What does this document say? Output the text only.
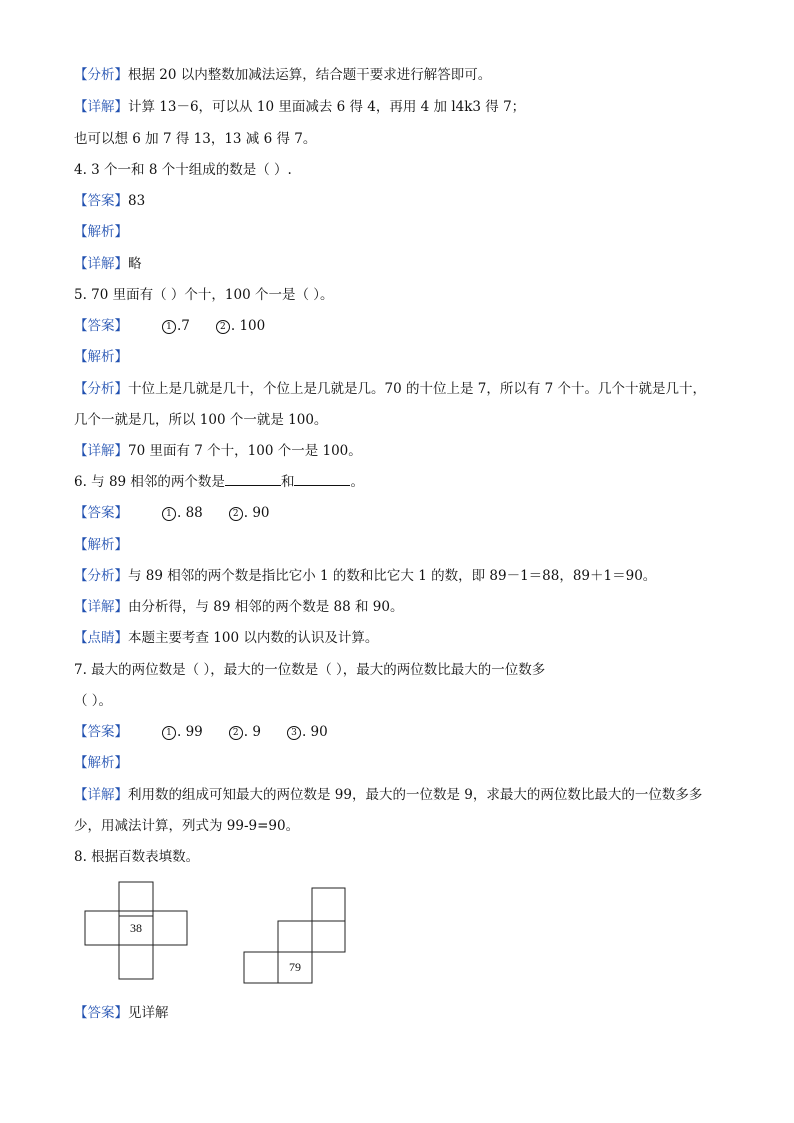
【分析】根据 20 以内整数加减法运算，结合题干要求进行解答即可。
【详解】计算 13－6，可以从 10 里面减去 6 得 4，再用 4 加 l4k3 得 7；
也可以想 6 加 7 得 13，13 减 6 得 7。
4. 3 个一和 8 个十组成的数是（ ）.
【答案】83
【解析】
【详解】略
5. 70 里面有（ ）个十，100 个一是（ ）。
【答案】	1 .7	2 . 100
【解析】
【分析】十位上是几就是几十，个位上是几就是几。70 的十位上是 7，所以有 7 个十。几个十就是几十，
几个一就是几，所以 100 个一就是 100。
【详解】70 里面有 7 个十，100 个一是 100。
6. 与 89 相邻的两个数是	和	。
【答案】	1 . 88	2 . 90
【解析】
【分析】与 89 相邻的两个数是指比它小 1 的数和比它大 1 的数，即 89－1＝88，89＋1＝90。
【详解】由分析得，与 89 相邻的两个数是 88 和 90。
【点睛】本题主要考查 100 以内数的认识及计算。
7. 最大的两位数是（ ），最大的一位数是（ ），最大的两位数比最大的一位数多
（ ）。
【答案】	1 . 99	2 . 9	3 . 90
【解析】
【详解】利用数的组成可知最大的两位数是 99，最大的一位数是 9，求最大的两位数比最大的一位数多多
少，用减法计算，列式为 99-9=90。
8. 根据百数表填数。
38
79
【答案】见详解
